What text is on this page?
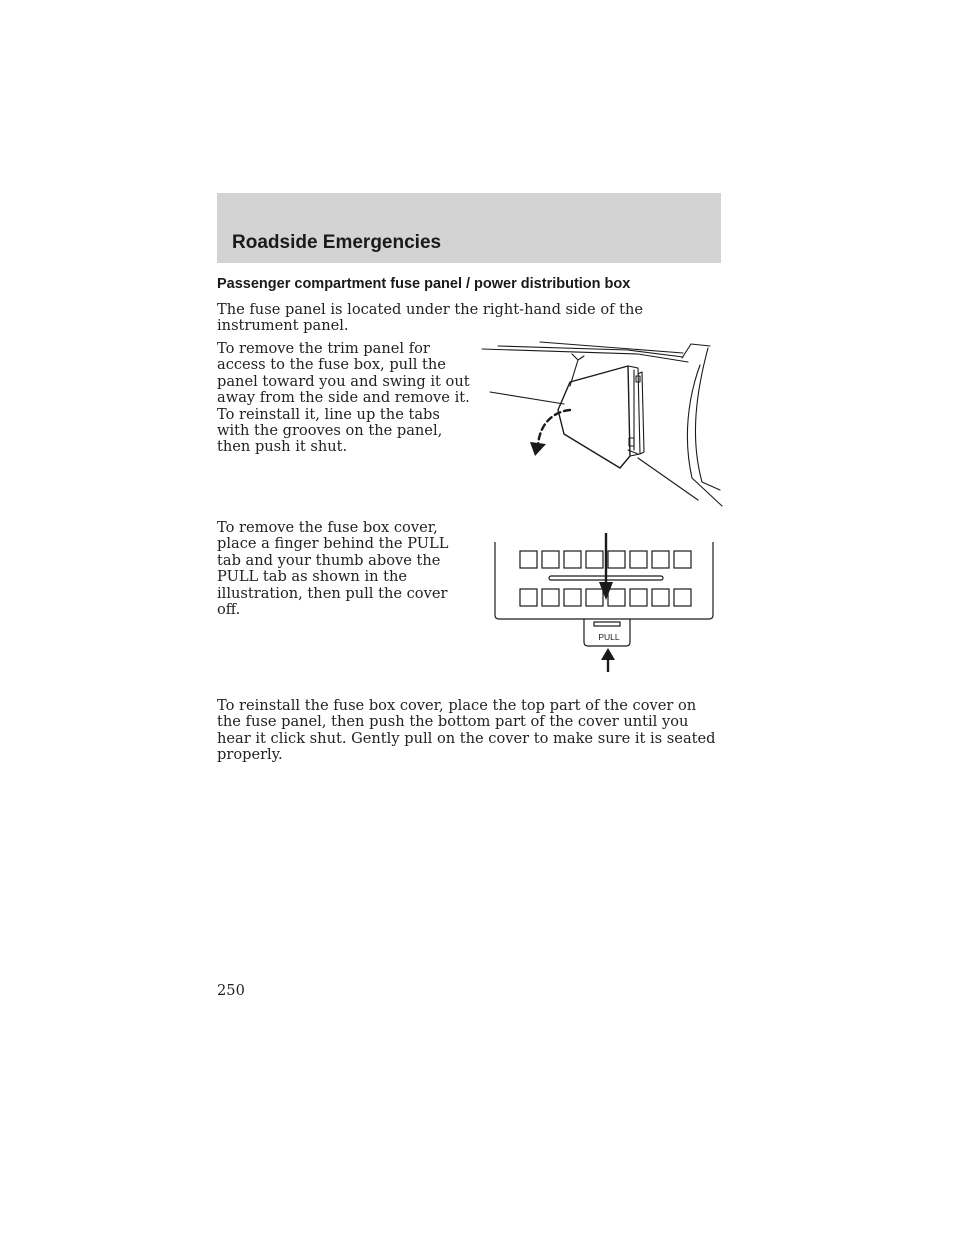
Roadside Emergencies
Passenger compartment fuse panel / power distribution box

The fuse panel is located under the right-hand side of the instrument panel.

To remove the trim panel for access to the fuse box, pull the panel toward you and swing it out away from the side and remove it. To reinstall it, line up the tabs with the grooves on the panel, then push it shut.

To remove the fuse box cover, place a finger behind the PULL tab and your thumb above the PULL tab as shown in the illustration, then pull the cover off.

PULL

To reinstall the fuse box cover, place the top part of the cover on the fuse panel, then push the bottom part of the cover until you hear it click shut. Gently pull on the cover to make sure it is seated properly.

250
